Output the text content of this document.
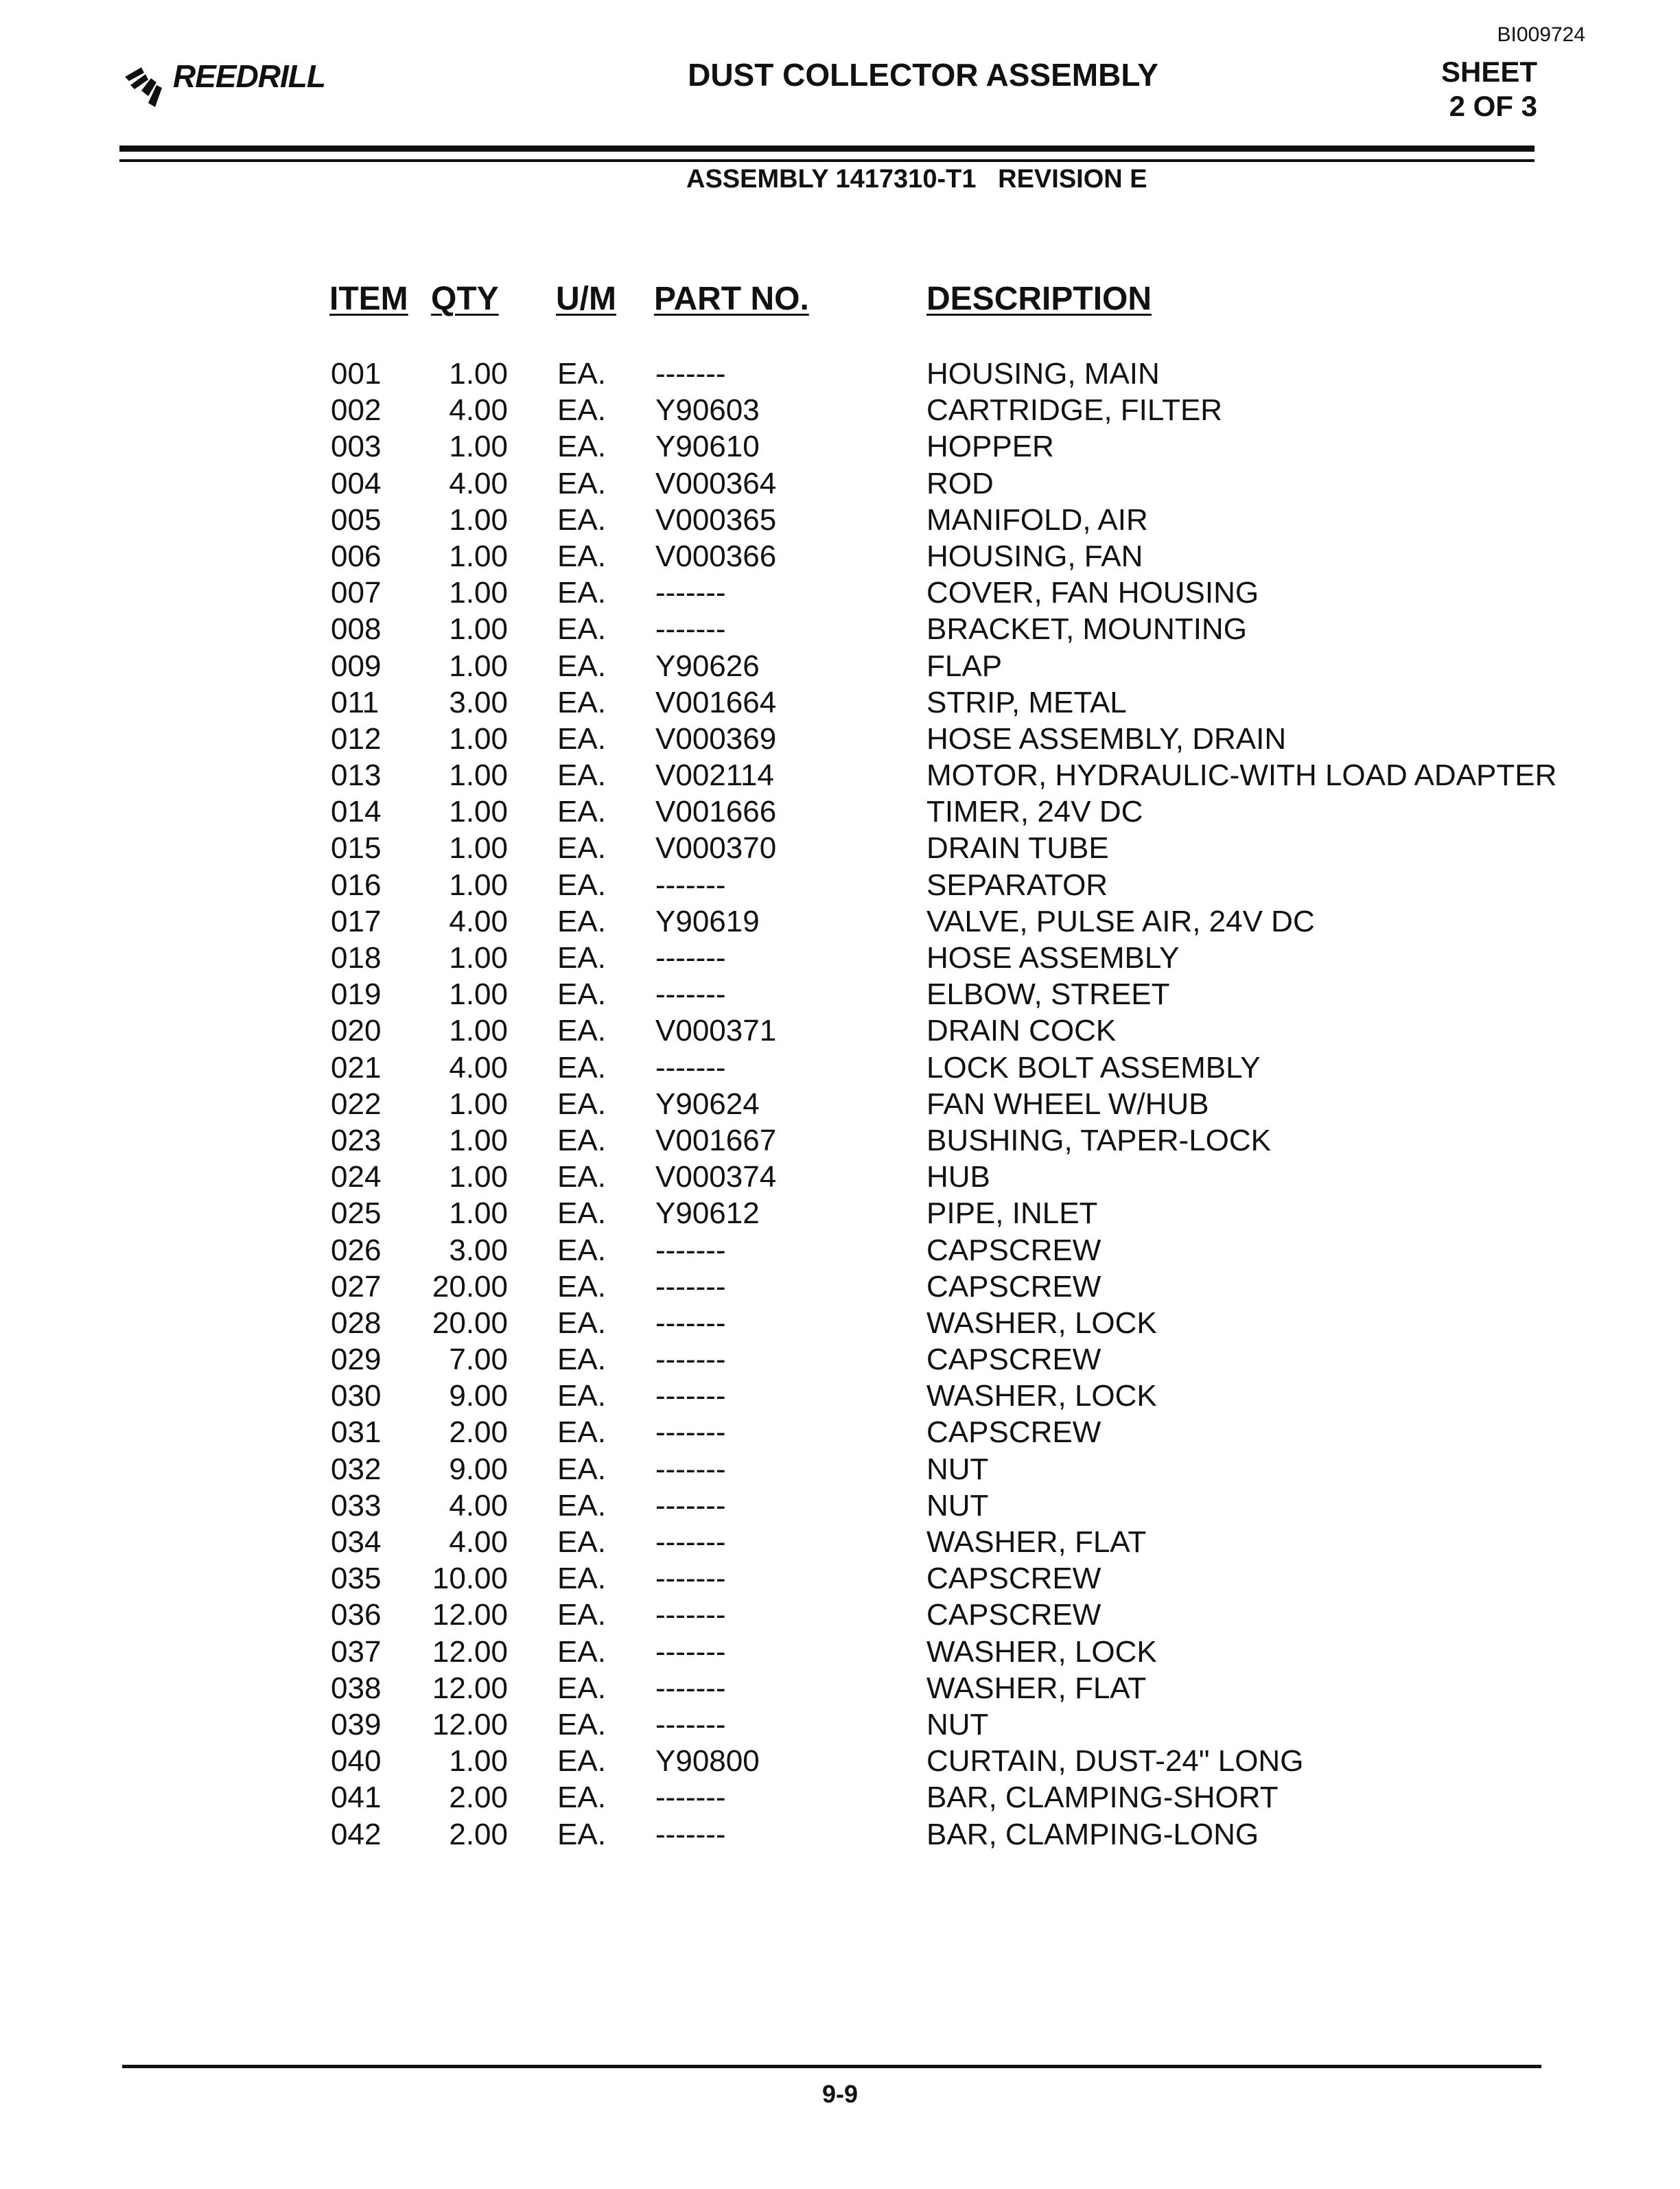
BI009724
REEDRILL	DUST COLLECTOR ASSEMBLY	SHEET
2 OF 3
ASSEMBLY 1417310-T1   REVISION E
ITEM QTY U/M PART NO.	DESCRIPTION
001	1.00 EA. -------	HOUSING, MAIN
002	4.00 EA. Y90603	CARTRIDGE, FILTER
003	1.00 EA. Y90610	HOPPER
004	4.00 EA. V000364	ROD
005	1.00 EA. V000365	MANIFOLD, AIR
006	1.00 EA. V000366	HOUSING, FAN
007	1.00 EA. -------	COVER, FAN HOUSING
008	1.00 EA. -------	BRACKET, MOUNTING
009	1.00 EA. Y90626	FLAP
011	3.00 EA. V001664	STRIP, METAL
012	1.00 EA. V000369	HOSE ASSEMBLY, DRAIN
013	1.00 EA. V002114	MOTOR, HYDRAULIC-WITH LOAD ADAPTER
014	1.00 EA. V001666	TIMER, 24V DC
015	1.00 EA. V000370	DRAIN TUBE
016	1.00 EA. -------	SEPARATOR
017	4.00 EA. Y90619	VALVE, PULSE AIR, 24V DC
018	1.00 EA. -------	HOSE ASSEMBLY
019	1.00 EA. -------	ELBOW, STREET
020	1.00 EA. V000371	DRAIN COCK
021	4.00 EA. -------	LOCK BOLT ASSEMBLY
022	1.00 EA. Y90624	FAN WHEEL W/HUB
023	1.00 EA. V001667	BUSHING, TAPER-LOCK
024	1.00 EA. V000374	HUB
025	1.00 EA. Y90612	PIPE, INLET
026	3.00 EA. -------	CAPSCREW
027	20.00 EA. -------	CAPSCREW
028	20.00 EA. -------	WASHER, LOCK
029	7.00 EA. -------	CAPSCREW
030	9.00 EA. -------	WASHER, LOCK
031	2.00 EA. -------	CAPSCREW
032	9.00 EA. -------	NUT
033	4.00 EA. -------	NUT
034	4.00 EA. -------	WASHER, FLAT
035	10.00 EA. -------	CAPSCREW
036	12.00 EA. -------	CAPSCREW
037	12.00 EA. -------	WASHER, LOCK
038	12.00 EA. -------	WASHER, FLAT
039	12.00 EA. -------	NUT
040	1.00 EA. Y90800	CURTAIN, DUST-24" LONG
041	2.00 EA. -------	BAR, CLAMPING-SHORT
042	2.00 EA. -------	BAR, CLAMPING-LONG
9-9
